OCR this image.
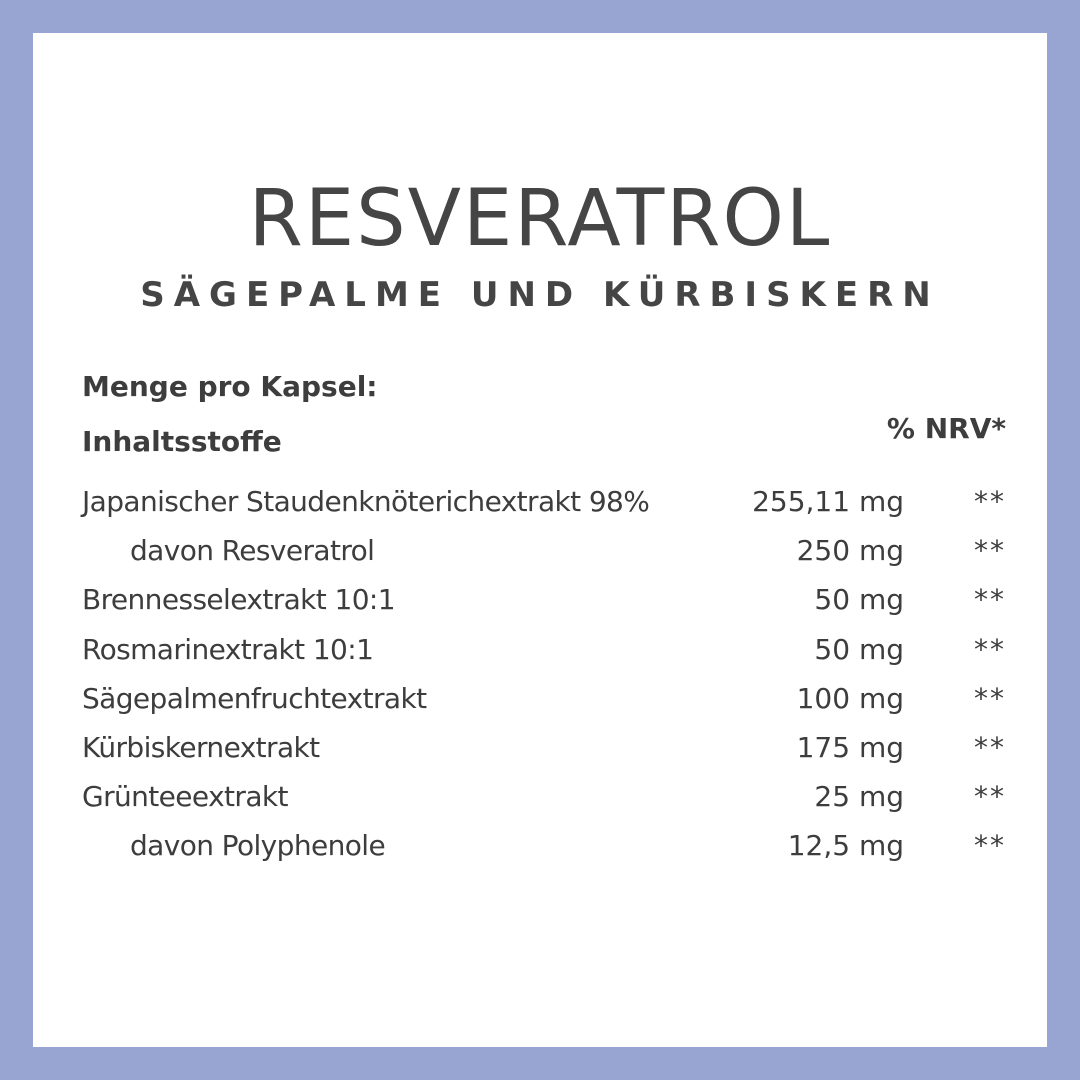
RESVERATROL
SÄGEPALME UND KÜRBISKERN
Menge pro Kapsel:
Inhaltsstoffe	% NRV*
Japanischer Staudenknöterichextrakt 98%	255,11 mg	**
davon Resveratrol	250 mg	**
Brennesselextrakt 10:1	50 mg	**
Rosmarinextrakt 10:1	50 mg	**
Sägepalmenfruchtextrakt	100 mg	**
Kürbiskernextrakt	175 mg	**
Grünteeextrakt	25 mg	**
davon Polyphenole	12,5 mg	**
